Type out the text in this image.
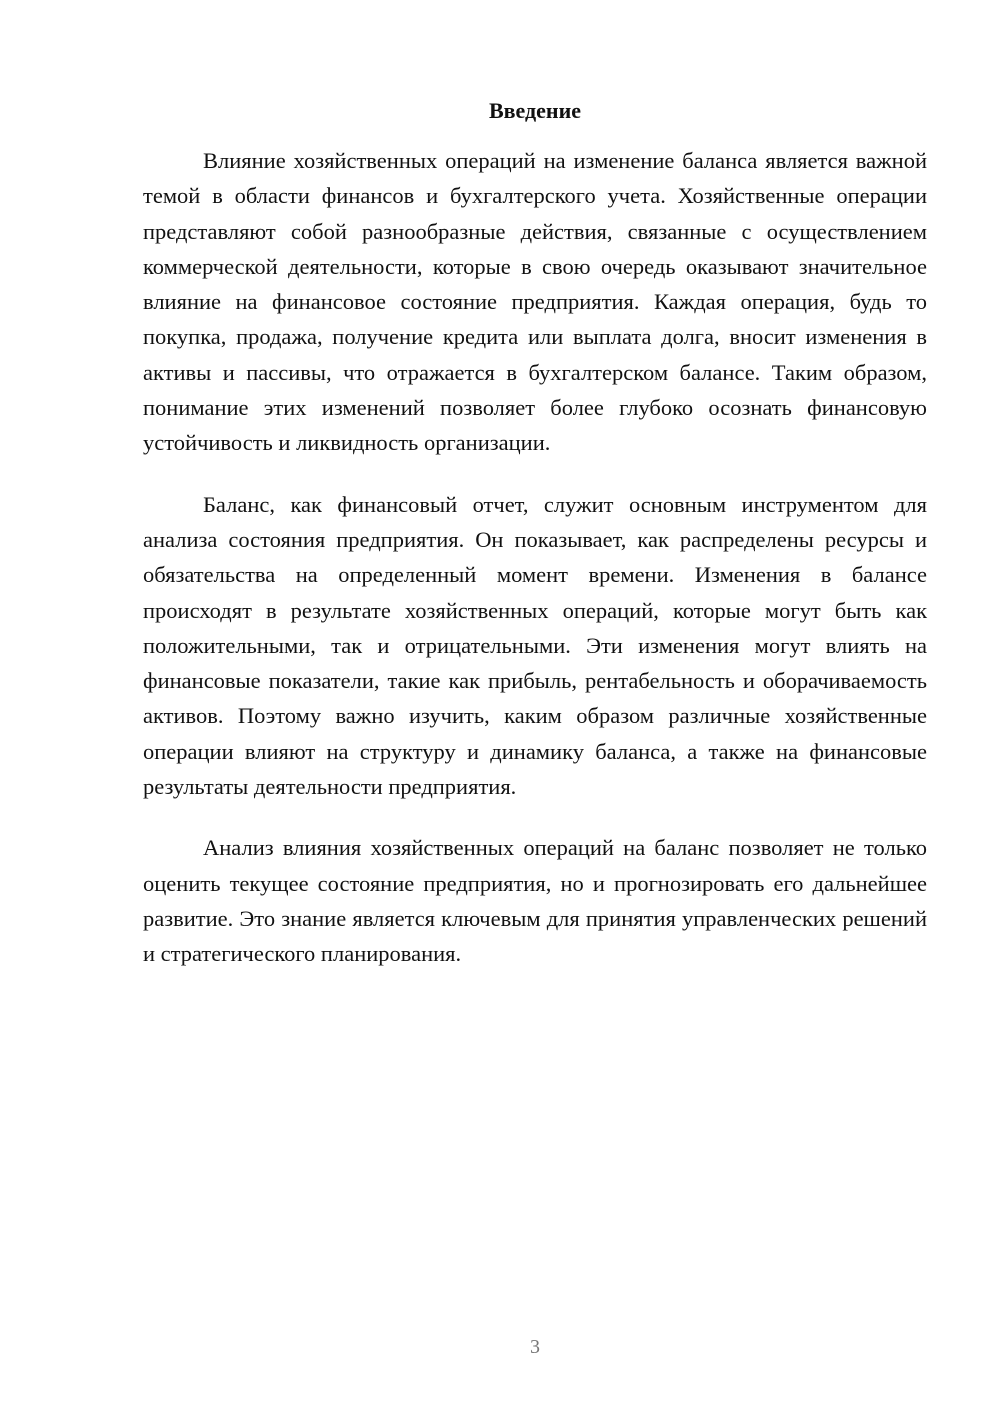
Введение

Влияние хозяйственных операций на изменение баланса является важной темой в области финансов и бухгалтерского учета. Хозяйственные операции представляют собой разнообразные действия, связанные с осуществлением коммерческой деятельности, которые в свою очередь оказывают значительное влияние на финансовое состояние предприятия. Каждая операция, будь то покупка, продажа, получение кредита или выплата долга, вносит изменения в активы и пассивы, что отражается в бухгалтерском балансе. Таким образом, понимание этих изменений позволяет более глубоко осознать финансовую устойчивость и ликвидность организации.

Баланс, как финансовый отчет, служит основным инструментом для анализа состояния предприятия. Он показывает, как распределены ресурсы и обязательства на определенный момент времени. Изменения в балансе происходят в результате хозяйственных операций, которые могут быть как положительными, так и отрицательными. Эти изменения могут влиять на финансовые показатели, такие как прибыль, рентабельность и оборачиваемость активов. Поэтому важно изучить, каким образом различные хозяйственные операции влияют на структуру и динамику баланса, а также на финансовые результаты деятельности предприятия.

Анализ влияния хозяйственных операций на баланс позволяет не только оценить текущее состояние предприятия, но и прогнозировать его дальнейшее развитие. Это знание является ключевым для принятия управленческих решений и стратегического планирования.

3
